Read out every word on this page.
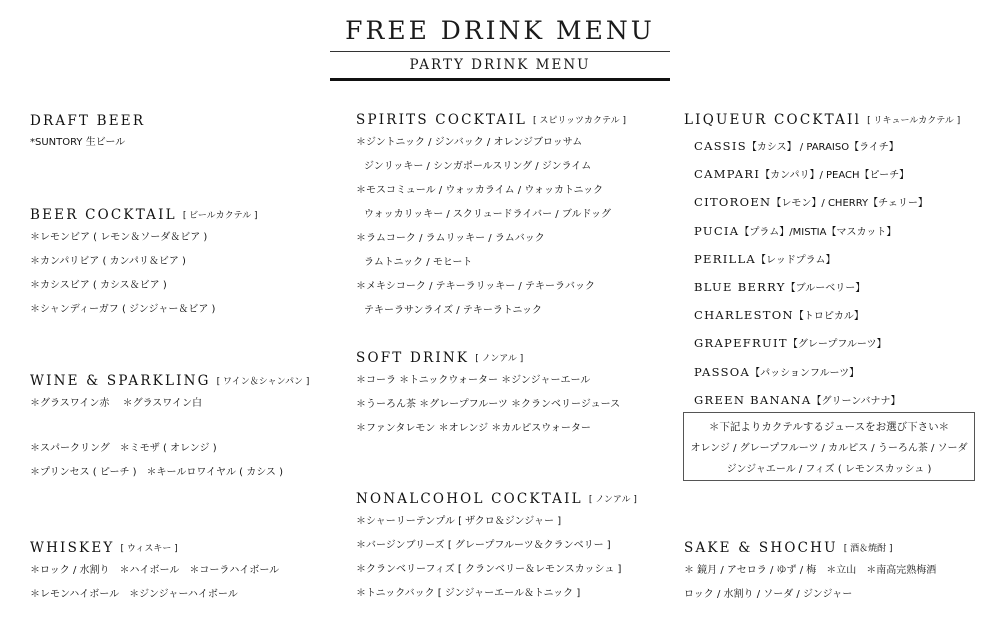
FREE DRINK MENU
PARTY DRINK MENU
DRAFT BEER
*SUNTORY 生ビール
BEER COCKTAIL [ ビールカクテル ]
＊レモンビア ( レモン＆ソーダ＆ビア )
＊カンパリビア ( カンパリ＆ビア )
＊カシスビア ( カシス＆ビア )
＊シャンディーガフ ( ジンジャー＆ビア )
WINE & SPARKLING [ ワイン＆シャンパン ]
＊グラスワイン赤　 ＊グラスワイン白
＊スパークリング　＊ミモザ ( オレンジ )
＊プリンセス ( ピーチ )　＊キールロワイヤル ( カシス )
WHISKEY [ ウィスキー ]
＊ロック / 水割り　＊ハイボール　＊コーラハイボール
＊レモンハイボール　＊ジンジャーハイボール
SPIRITS COCKTAIL [ スピリッツカクテル ]
＊ジントニック / ジンバック / オレンジブロッサム
ジンリッキー / シンガポールスリング / ジンライム
＊モスコミュール / ウォッカライム / ウォッカトニック
ウォッカリッキー / スクリュードライバー / ブルドッグ
＊ラムコーク / ラムリッキー / ラムバック
ラムトニック / モヒート
＊メキシコーク / テキーラリッキー / テキーラバック
テキーラサンライズ / テキーラトニック
SOFT DRINK [ ノンアル ]
＊コーラ ＊トニックウォーター ＊ジンジャーエール
＊うーろん茶 ＊グレープフルーツ ＊クランベリージュース
＊ファンタレモン ＊オレンジ ＊カルピスウォーター
NONALCOHOL COCKTAIL [ ノンアル ]
＊シャーリーテンプル [ ザクロ＆ジンジャー ]
＊バージンブリーズ [ グレープフルーツ＆クランベリー ]
＊クランベリーフィズ [ クランベリー＆レモンスカッシュ ]
＊トニックバック [ ジンジャーエール＆トニック ]
LIQUEUR COCKTAIl [ リキュールカクテル ]
CASSIS【カシス】 / PARAISO【ライチ】
CAMPARI【カンパリ】/ PEACH【ピーチ】
CITOROEN【レモン】/ CHERRY【チェリー】
PUCIA【プラム】/MISTIA【マスカット】
PERILLA【レッドプラム】
BLUE BERRY【ブルーベリー】
CHARLESTON【トロピカル】
GRAPEFRUIT【グレープフルーツ】
PASSOA【パッションフルーツ】
GREEN BANANA【グリーンバナナ】
＊下記よりカクテルするジュースをお選び下さい＊
オレンジ / グレープフルーツ / カルピス / うーろん茶 / ソーダ
ジンジャエール / フィズ ( レモンスカッシュ )
SAKE & SHOCHU [ 酒＆焼酎 ]
＊ 鏡月 / アセロラ / ゆず / 梅　＊立山　＊南高完熟梅酒
ロック / 水割り / ソーダ / ジンジャー
